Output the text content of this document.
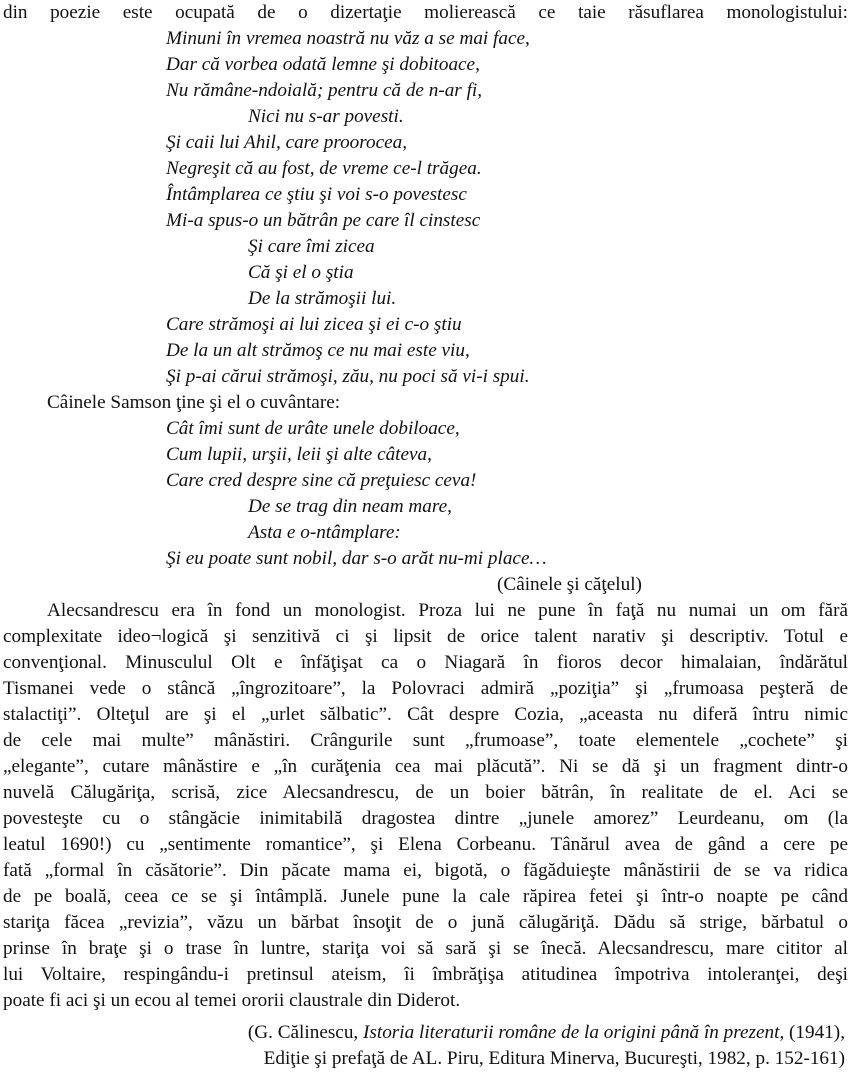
din poezie este ocupată de o dizertaţie molierească ce taie răsuflarea monologistului:
Minuni în vremea noastră nu văz a se mai face,
Dar că vorbea odată lemne şi dobitoace,
Nu rămâne-ndoială; pentru că de n-ar fi,
Nici nu s-ar povesti.
Şi caii lui Ahil, care proorocea,
Negreşit că au fost, de vreme ce-l trăgea.
Întâmplarea ce ştiu şi voi s-o povestesc
Mi-a spus-o un bătrân pe care îl cinstesc
Şi care îmi zicea
Că şi el o ştia
De la strămoşii lui.
Care strămoşi ai lui zicea şi ei c-o ştiu
De la un alt strămoş ce nu mai este viu,
Şi p-ai cărui strămoşi, zău, nu poci să vi-i spui.
Câinele Samson ţine şi el o cuvântare:
Cât îmi sunt de urâte unele dobiloace,
Cum lupii, urşii, leii şi alte câteva,
Care cred despre sine că preţuiesc ceva!
De se trag din neam mare,
Asta e o-ntâmplare:
Şi eu poate sunt nobil, dar s-o arăt nu-mi place…
(Câinele şi căţelul)
Alecsandrescu era în fond un monologist. Proza lui ne pune în faţă nu numai un om fără
complexitate ideo¬logică şi senzitivă ci şi lipsit de orice talent narativ şi descriptiv. Totul e
convenţional. Minusculul Olt e înfăţişat ca o Niagară în fioros decor himalaian, îndărătul
Tismanei vede o stâncă „îngrozitoare”, la Polovraci admiră „poziţia” şi „frumoasa peşteră de
stalactiţi”. Olteţul are şi el „urlet sălbatic”. Cât despre Cozia, „aceasta nu diferă întru nimic
de cele mai multe” mânăstiri. Crângurile sunt „frumoase”, toate elementele „cochete” şi
„elegante”, cutare mânăstire e „în curăţenia cea mai plăcută”. Ni se dă şi un fragment dintr-o
nuvelă Călugăriţa, scrisă, zice Alecsandrescu, de un boier bătrân, în realitate de el. Aci se
povesteşte cu o stângăcie inimitabilă dragostea dintre „junele amorez” Leurdeanu, om (la
leatul 1690!) cu „sentimente romantice”, şi Elena Corbeanu. Tânărul avea de gând a cere pe
fată „formal în căsătorie”. Din păcate mama ei, bigotă, o făgăduieşte mânăstirii de se va ridica
de pe boală, ceea ce se şi întâmplă. Junele pune la cale răpirea fetei şi într-o noapte pe când
stariţa făcea „revizia”, văzu un bărbat însoţit de o jună călugăriţă. Dădu să strige, bărbatul o
prinse în braţe şi o trase în luntre, stariţa voi să sară şi se înecă. Alecsandrescu, mare cititor al
lui Voltaire, respingându-i pretinsul ateism, îi îmbrăţişa atitudinea împotriva intoleranţei, deşi
poate fi aci şi un ecou al temei ororii claustrale din Diderot.
(G. Călinescu, Istoria literaturii române de la origini până în prezent, (1941),
Ediţie şi prefaţă de AL. Piru, Editura Minerva, Bucureşti, 1982, p. 152-161)
